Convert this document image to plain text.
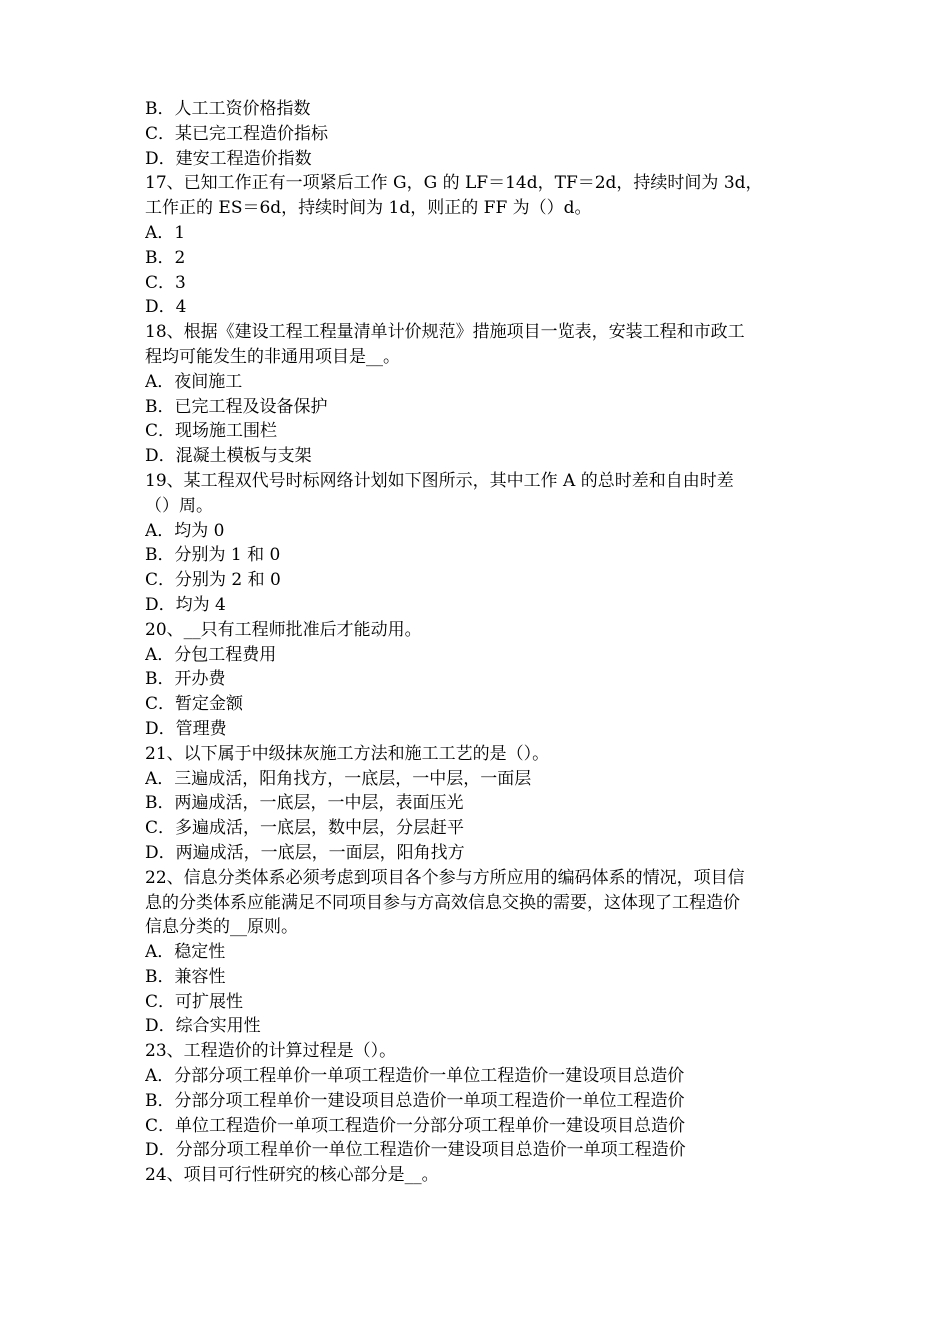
B．人工工资价格指数
C．某已完工程造价指标
D．建安工程造价指数
17、已知工作正有一项紧后工作 G，G 的 LF＝14d，TF＝2d，持续时间为 3d，
工作正的 ES＝6d，持续时间为 1d，则正的 FF 为（）d。
A．1
B．2
C．3
D．4
18、根据《建设工程工程量清单计价规范》措施项目一览表，安装工程和市政工
程均可能发生的非通用项目是__。
A．夜间施工
B．已完工程及设备保护
C．现场施工围栏
D．混凝土模板与支架
19、某工程双代号时标网络计划如下图所示，其中工作 A 的总时差和自由时差
（）周。
A．均为 0
B．分别为 1 和 0
C．分别为 2 和 0
D．均为 4
20、__只有工程师批准后才能动用。
A．分包工程费用
B．开办费
C．暂定金额
D．管理费
21、以下属于中级抹灰施工方法和施工工艺的是（）。
A．三遍成活，阳角找方，一底层，一中层，一面层
B．两遍成活，一底层，一中层，表面压光
C．多遍成活，一底层，数中层，分层赶平
D．两遍成活，一底层，一面层，阳角找方
22、信息分类体系必须考虑到项目各个参与方所应用的编码体系的情况，项目信
息的分类体系应能满足不同项目参与方高效信息交换的需要，这体现了工程造价
信息分类的__原则。
A．稳定性
B．兼容性
C．可扩展性
D．综合实用性
23、工程造价的计算过程是（）。
A．分部分项工程单价一单项工程造价一单位工程造价一建设项目总造价
B．分部分项工程单价一建设项目总造价一单项工程造价一单位工程造价
C．单位工程造价一单项工程造价一分部分项工程单价一建设项目总造价
D．分部分项工程单价一单位工程造价一建设项目总造价一单项工程造价
24、项目可行性研究的核心部分是__。
